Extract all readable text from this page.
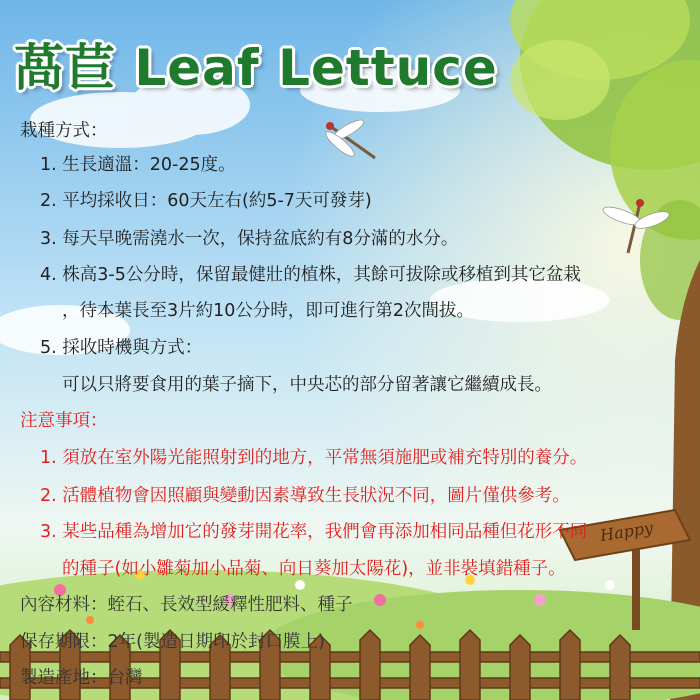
Happy
萵苣 Leaf Lettuce
栽種方式：
1. 生長適溫：20-25度。
2. 平均採收日：60天左右(約5-7天可發芽)
3. 每天早晚需澆水一次，保持盆底約有8分滿的水分。
4. 株高3-5公分時，保留最健壯的植株，其餘可拔除或移植到其它盆栽
，待本葉長至3片約10公分時，即可進行第2次間拔。
5. 採收時機與方式：
可以只將要食用的葉子摘下，中央芯的部分留著讓它繼續成長。
注意事項：
1. 須放在室外陽光能照射到的地方，平常無須施肥或補充特別的養分。
2. 活體植物會因照顧與變動因素導致生長狀況不同，圖片僅供參考。
3. 某些品種為增加它的發芽開花率，我們會再添加相同品種但花形不同
的種子(如小雛菊加小品菊、向日葵加太陽花)，並非裝填錯種子。
內容材料：蛭石、長效型緩釋性肥料、種子
保存期限：2年(製造日期印於封口膜上)
製造產地：台灣
